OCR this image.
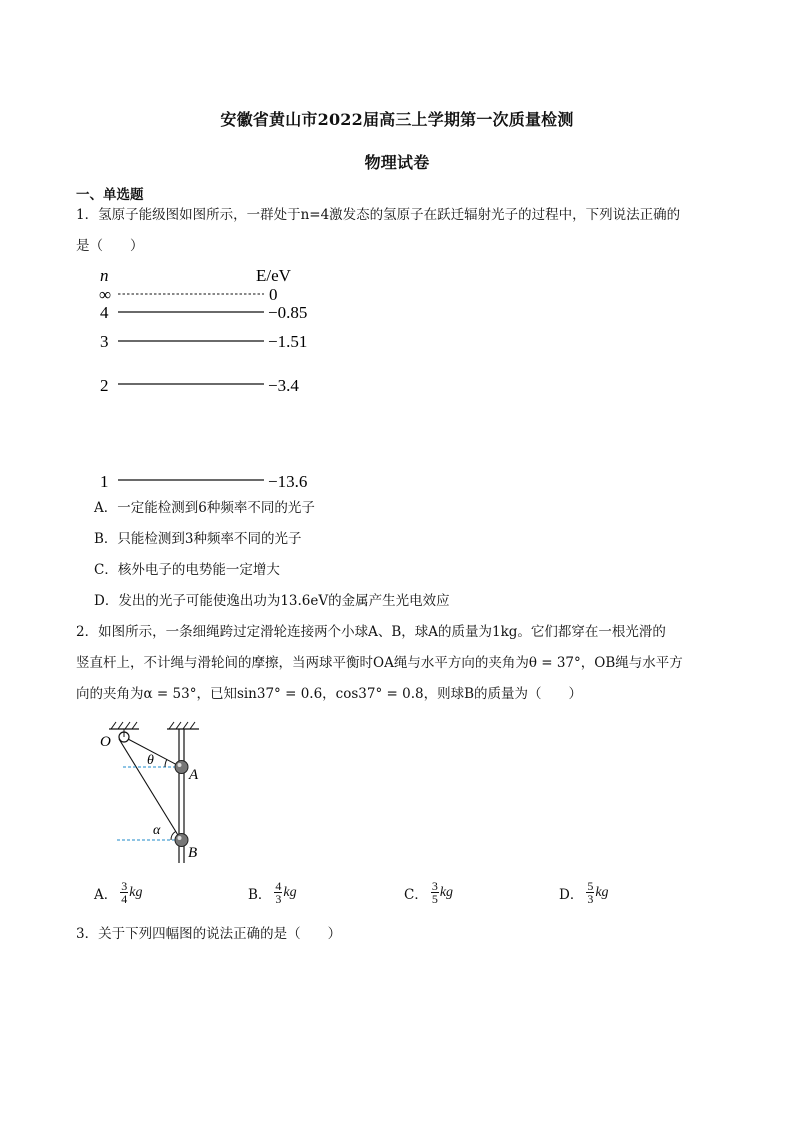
安徽省黄山市2022届高三上学期第一次质量检测
物理试卷
一、单选题
1．氢原子能级图如图所示，一群处于n=4激发态的氢原子在跃迁辐射光子的过程中，下列说法正确的
是（　　）
n	E/eV
∞	0
4	−0.85
3	−1.51
2	−3.4
1	−13.6
A．一定能检测到6种频率不同的光子
B．只能检测到3种频率不同的光子
C．核外电子的电势能一定增大
D．发出的光子可能使逸出功为13.6eV的金属产生光电效应
2．如图所示，一条细绳跨过定滑轮连接两个小球A、B，球A的质量为1kg。它们都穿在一根光滑的
竖直杆上，不计绳与滑轮间的摩擦，当两球平衡时OA绳与水平方向的夹角为θ = 37°，OB绳与水平方
向的夹角为α = 53°，已知sin37° = 0.6，cos37° = 0.8，则球B的质量为（　　）
O
θ
A
α
B
A． $\frac{3}{4}$ kg	B． $\frac{4}{3}$ kg	C． $\frac{3}{5}$ kg	D． $\frac{5}{3}$ kg
3．关于下列四幅图的说法正确的是（　　）
